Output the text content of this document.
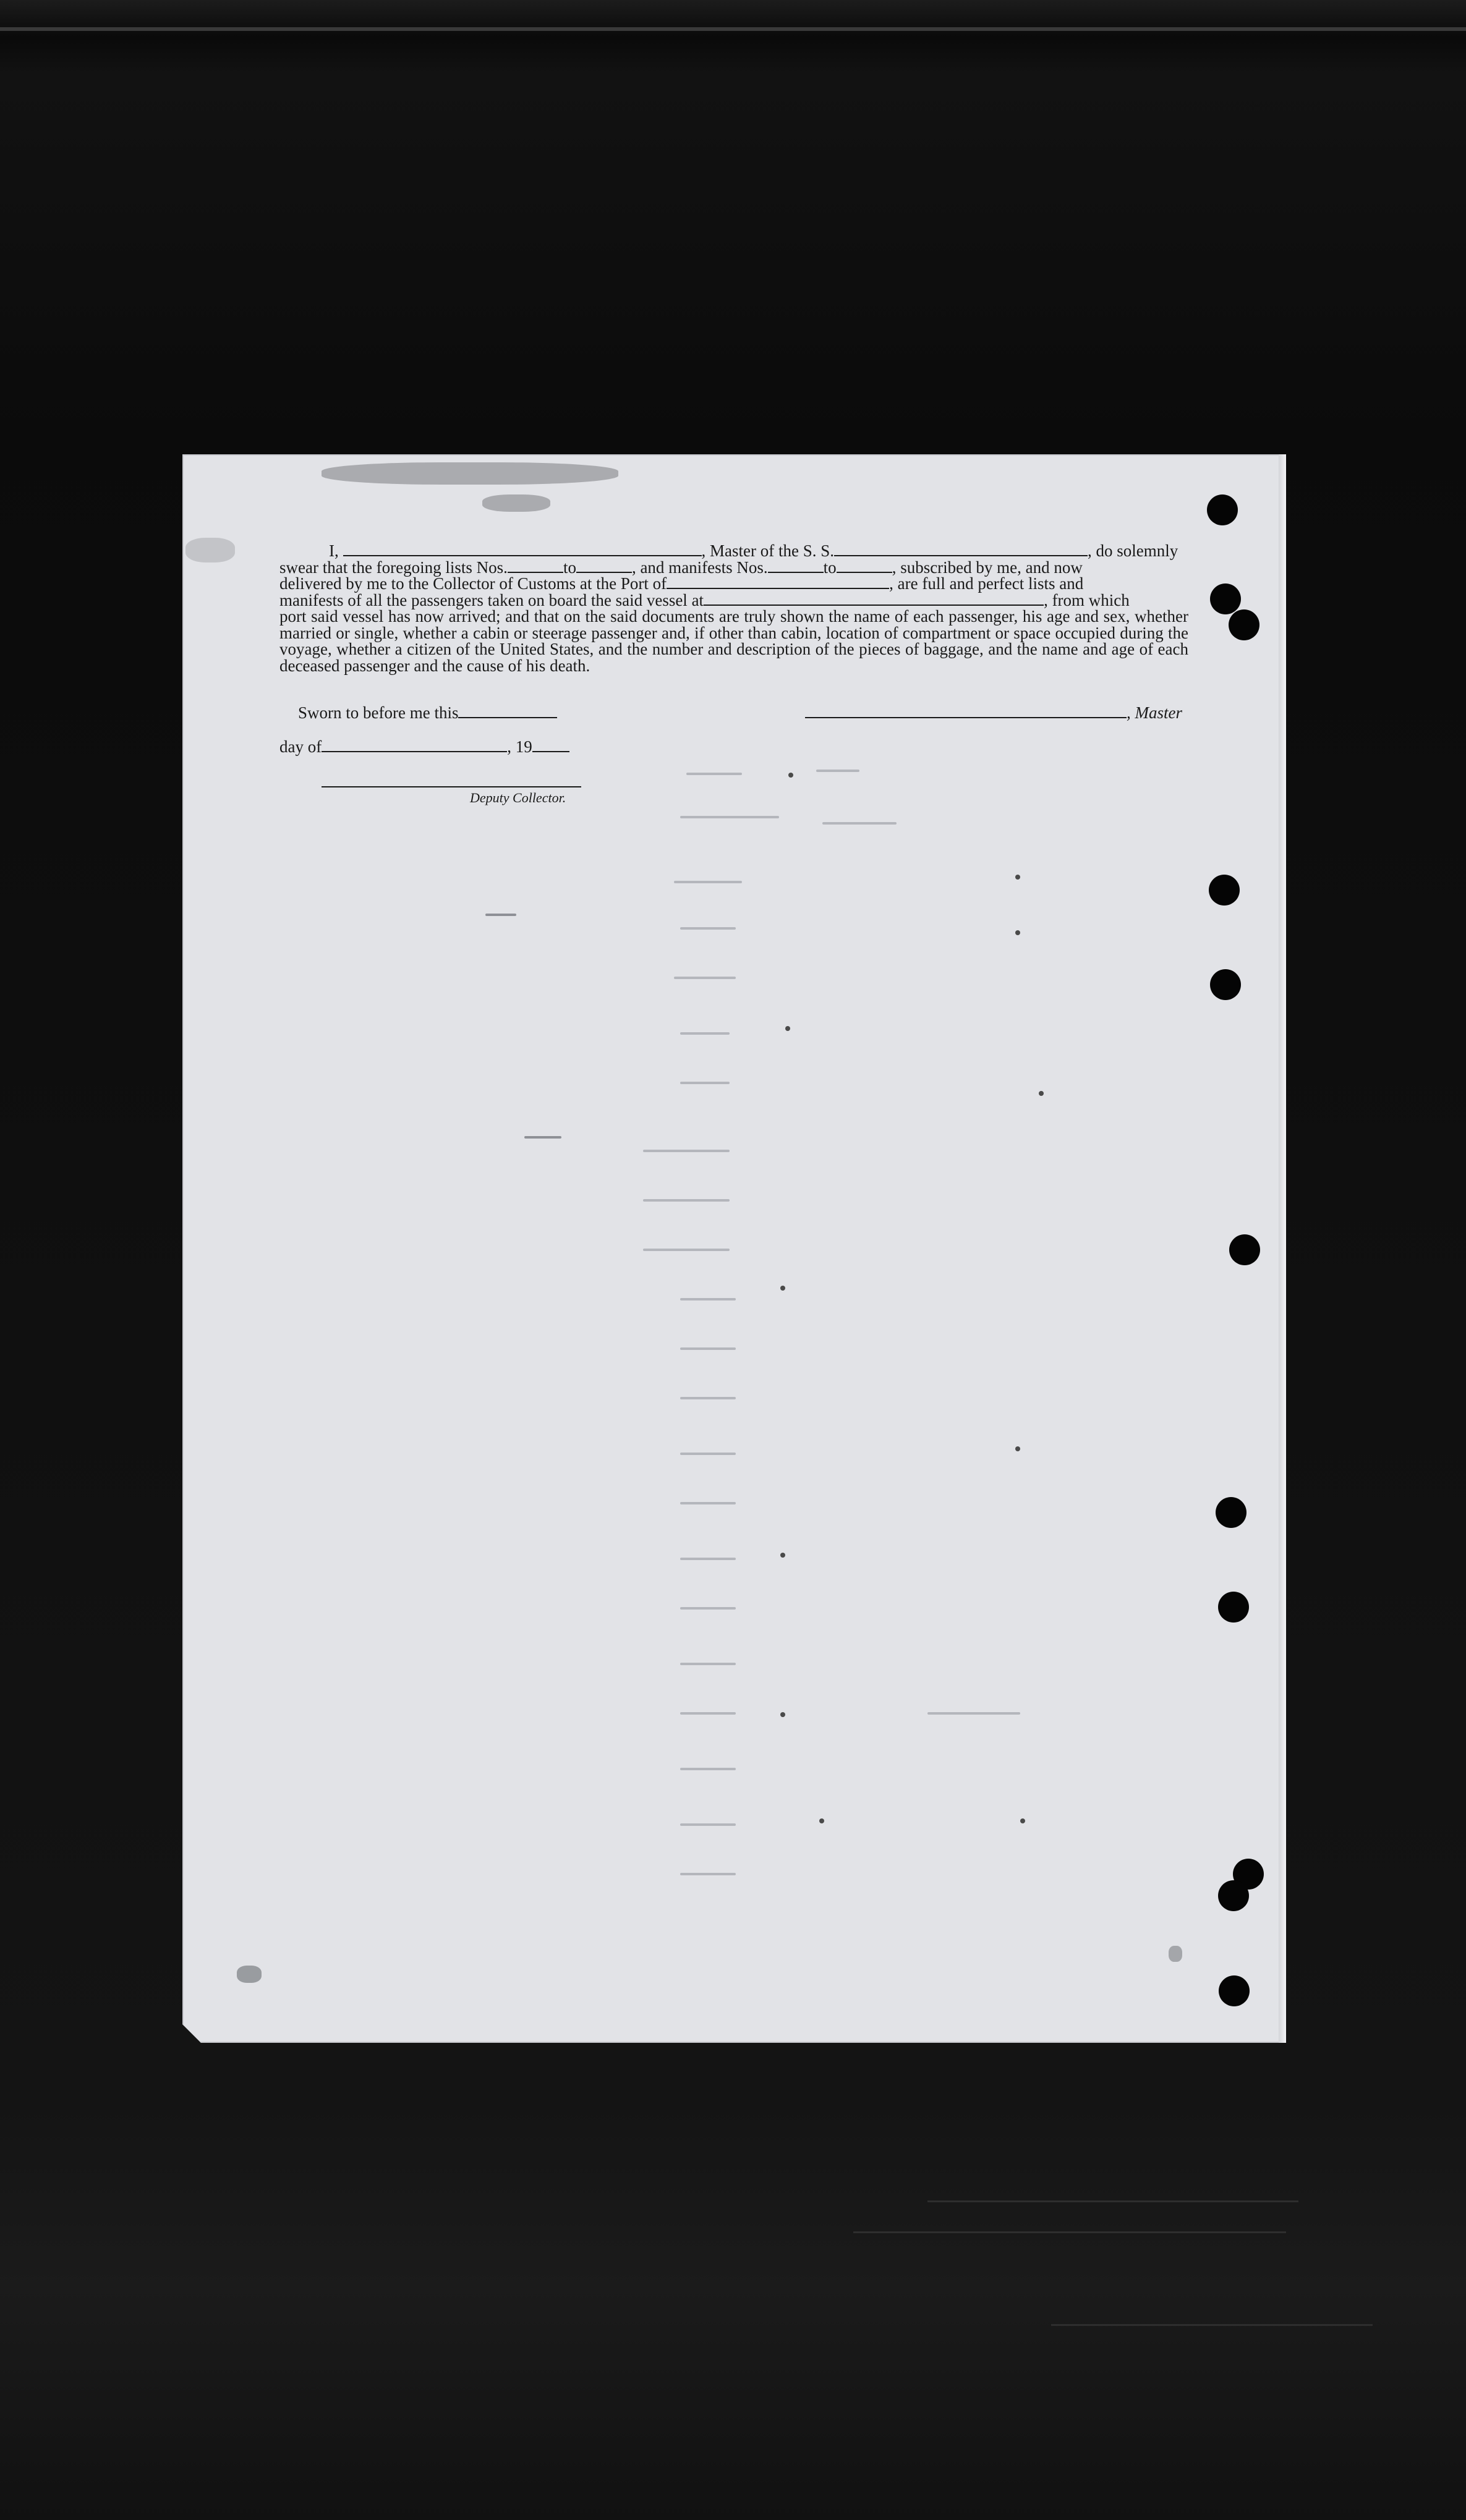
I,	, Master of the S. S.	, do solemnly
swear that the foregoing lists Nos.	to	, and manifests Nos.	to	, subscribed by me, and now
delivered by me to the Collector of Customs at the Port of	, are full and perfect lists and
manifests of all the passengers taken on board the said vessel at	, from which
port said vessel has now arrived; and that on the said documents are truly shown the name of each passenger, his age and sex, whether married or single, whether a cabin or steerage passenger and, if other than cabin, location of compartment or space occupied during the voyage, whether a citizen of the United States, and the number and description of the pieces of baggage, and the name and age of each deceased passenger and the cause of his death.
Sworn to before me this
day of	, 19
Deputy Collector.
, Master
